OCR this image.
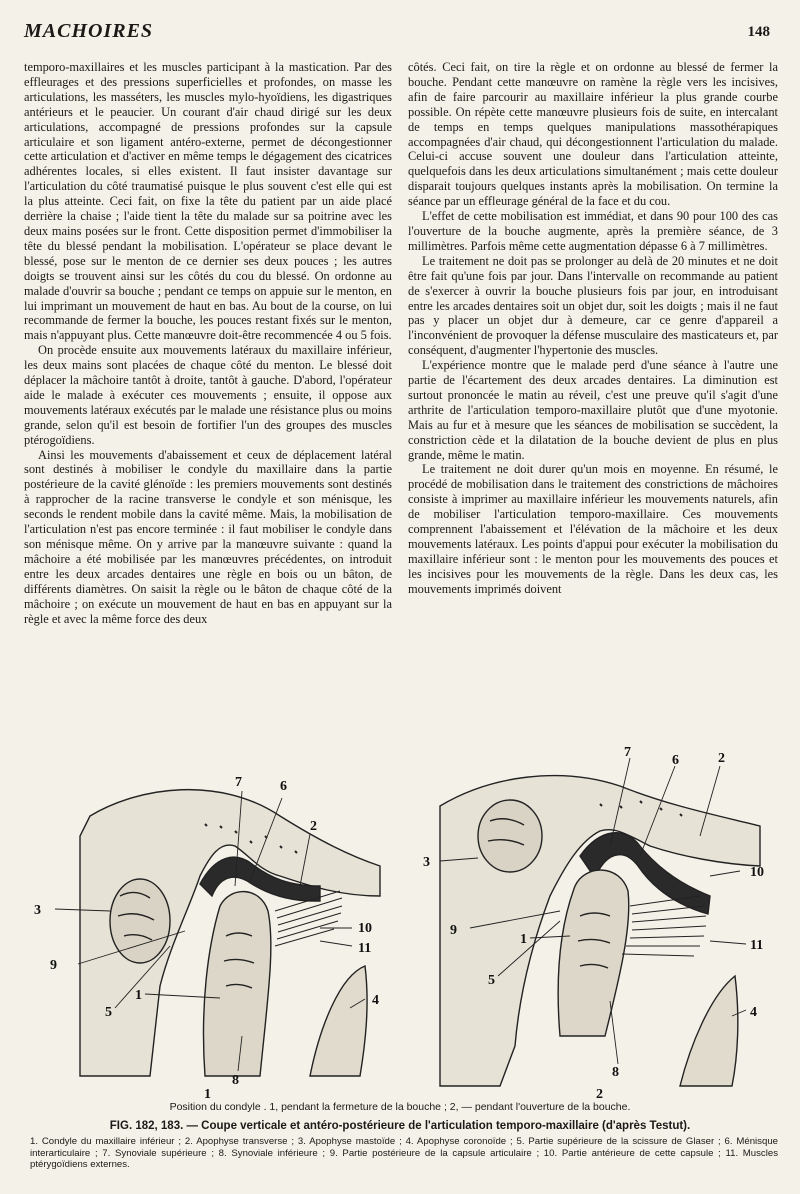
MACHOIRES	148

temporo-maxillaires et les muscles participant à la mastication. Par des effleurages et des pressions superficielles et profondes, on masse les articulations, les masséters, les muscles mylo-hyoïdiens, les digastriques antérieurs et le peaucier. Un courant d'air chaud dirigé sur les deux articulations, accompagné de pressions profondes sur la capsule articulaire et son ligament antéro-externe, permet de décongestionner cette articulation et d'activer en même temps le dégagement des cicatrices adhérentes locales, si elles existent. Il faut insister davantage sur l'articulation du côté traumatisé puisque le plus souvent c'est elle qui est la plus atteinte. Ceci fait, on fixe la tête du patient par un aide placé derrière la chaise ; l'aide tient la tête du malade sur sa poitrine avec les deux mains posées sur le front. Cette disposition permet d'immobiliser la tête du blessé pendant la mobilisation. L'opérateur se place devant le blessé, pose sur le menton de ce dernier ses deux pouces ; les autres doigts se trouvent ainsi sur les côtés du cou du blessé. On ordonne au malade d'ouvrir sa bouche ; pendant ce temps on appuie sur le menton, en lui imprimant un mouvement de haut en bas. Au bout de la course, on lui recommande de fermer la bouche, les pouces restant fixés sur le menton, mais n'appuyant plus. Cette manœuvre doit-être recommencée 4 ou 5 fois.

On procède ensuite aux mouvements latéraux du maxillaire inférieur, les deux mains sont placées de chaque côté du menton. Le blessé doit déplacer la mâchoire tantôt à droite, tantôt à gauche. D'abord, l'opérateur aide le malade à exécuter ces mouvements ; ensuite, il oppose aux mouvements latéraux exécutés par le malade une résistance plus ou moins grande, selon qu'il est besoin de fortifier l'un des groupes des muscles ptérogoïdiens.

Ainsi les mouvements d'abaissement et ceux de déplacement latéral sont destinés à mobiliser le condyle du maxillaire dans la partie postérieure de la cavité glénoïde : les premiers mouvements sont destinés à rapprocher de la racine transverse le condyle et son ménisque, les seconds le rendent mobile dans la cavité même. Mais, la mobilisation de l'articulation n'est pas encore terminée : il faut mobiliser le condyle dans son ménisque même. On y arrive par la manœuvre suivante : quand la mâchoire a été mobilisée par les manœuvres précédentes, on introduit entre les deux arcades dentaires une règle en bois ou un bâton, de différents diamètres. On saisit la règle ou le bâton de chaque côté de la mâchoire ; on exécute un mouvement de haut en bas en appuyant sur la règle et avec la même force des deux

côtés. Ceci fait, on tire la règle et on ordonne au blessé de fermer la bouche. Pendant cette manœuvre on ramène la règle vers les incisives, afin de faire parcourir au maxillaire inférieur la plus grande courbe possible. On répète cette manœuvre plusieurs fois de suite, en intercalant de temps en temps quelques manipulations massothérapiques accompagnées d'air chaud, qui décongestionnent l'articulation du malade. Celui-ci accuse souvent une douleur dans l'articulation atteinte, quelquefois dans les deux articulations simultanément ; mais cette douleur disparait toujours quelques instants après la mobilisation. On termine la séance par un effleurage général de la face et du cou.

L'effet de cette mobilisation est immédiat, et dans 90 pour 100 des cas l'ouverture de la bouche augmente, après la première séance, de 3 millimètres. Parfois même cette augmentation dépasse 6 à 7 millimètres.

Le traitement ne doit pas se prolonger au delà de 20 minutes et ne doit être fait qu'une fois par jour. Dans l'intervalle on recommande au patient de s'exercer à ouvrir la bouche plusieurs fois par jour, en introduisant entre les arcades dentaires soit un objet dur, soit les doigts ; mais il ne faut pas y placer un objet dur à demeure, car ce genre d'appareil a l'inconvénient de provoquer la défense musculaire des masticateurs et, par conséquent, d'augmenter l'hypertonie des muscles.

L'expérience montre que le malade perd d'une séance à l'autre une partie de l'écartement des deux arcades dentaires. La diminution est surtout prononcée le matin au réveil, c'est une preuve qu'il s'agit d'une arthrite de l'articulation temporo-maxillaire plutôt que d'une myotonie. Mais au fur et à mesure que les séances de mobilisation se succèdent, la constriction cède et la dilatation de la bouche devient de plus en plus grande, même le matin.

Le traitement ne doit durer qu'un mois en moyenne. En résumé, le procédé de mobilisation dans le traitement des constrictions de mâchoires consiste à imprimer au maxillaire inférieur les mouvements naturels, afin de mobiliser l'articulation temporo-maxillaire. Ces mouvements comprennent l'abaissement et l'élévation de la mâchoire et les deux mouvements latéraux. Les points d'appui pour exécuter la mobilisation du maxillaire inférieur sont : le menton pour les mouvements des pouces et les incisives pour les mouvements de la règle. Dans les deux cas, les mouvements imprimés doivent

7	6
2
3
10
11
9
5
1	4
8
1
7
6	2
3
10
9
1
5
11
4
8
2
Position du condyle . 1, pendant la fermeture de la bouche ; 2, — pendant l'ouverture de la bouche.
FIG. 182, 183. — Coupe verticale et antéro-postérieure de l'articulation temporo-maxillaire (d'après Testut).
1. Condyle du maxillaire inférieur ; 2. Apophyse transverse ; 3. Apophyse mastoïde ; 4. Apophyse coronoïde ; 5. Partie supérieure de la scissure de Glaser ; 6. Ménisque interarticulaire ; 7. Synoviale supérieure ; 8. Synoviale inférieure ; 9. Partie postérieure de la capsule articulaire ; 10. Partie antérieure de cette capsule ; 11. Muscles ptérygoïdiens externes.
